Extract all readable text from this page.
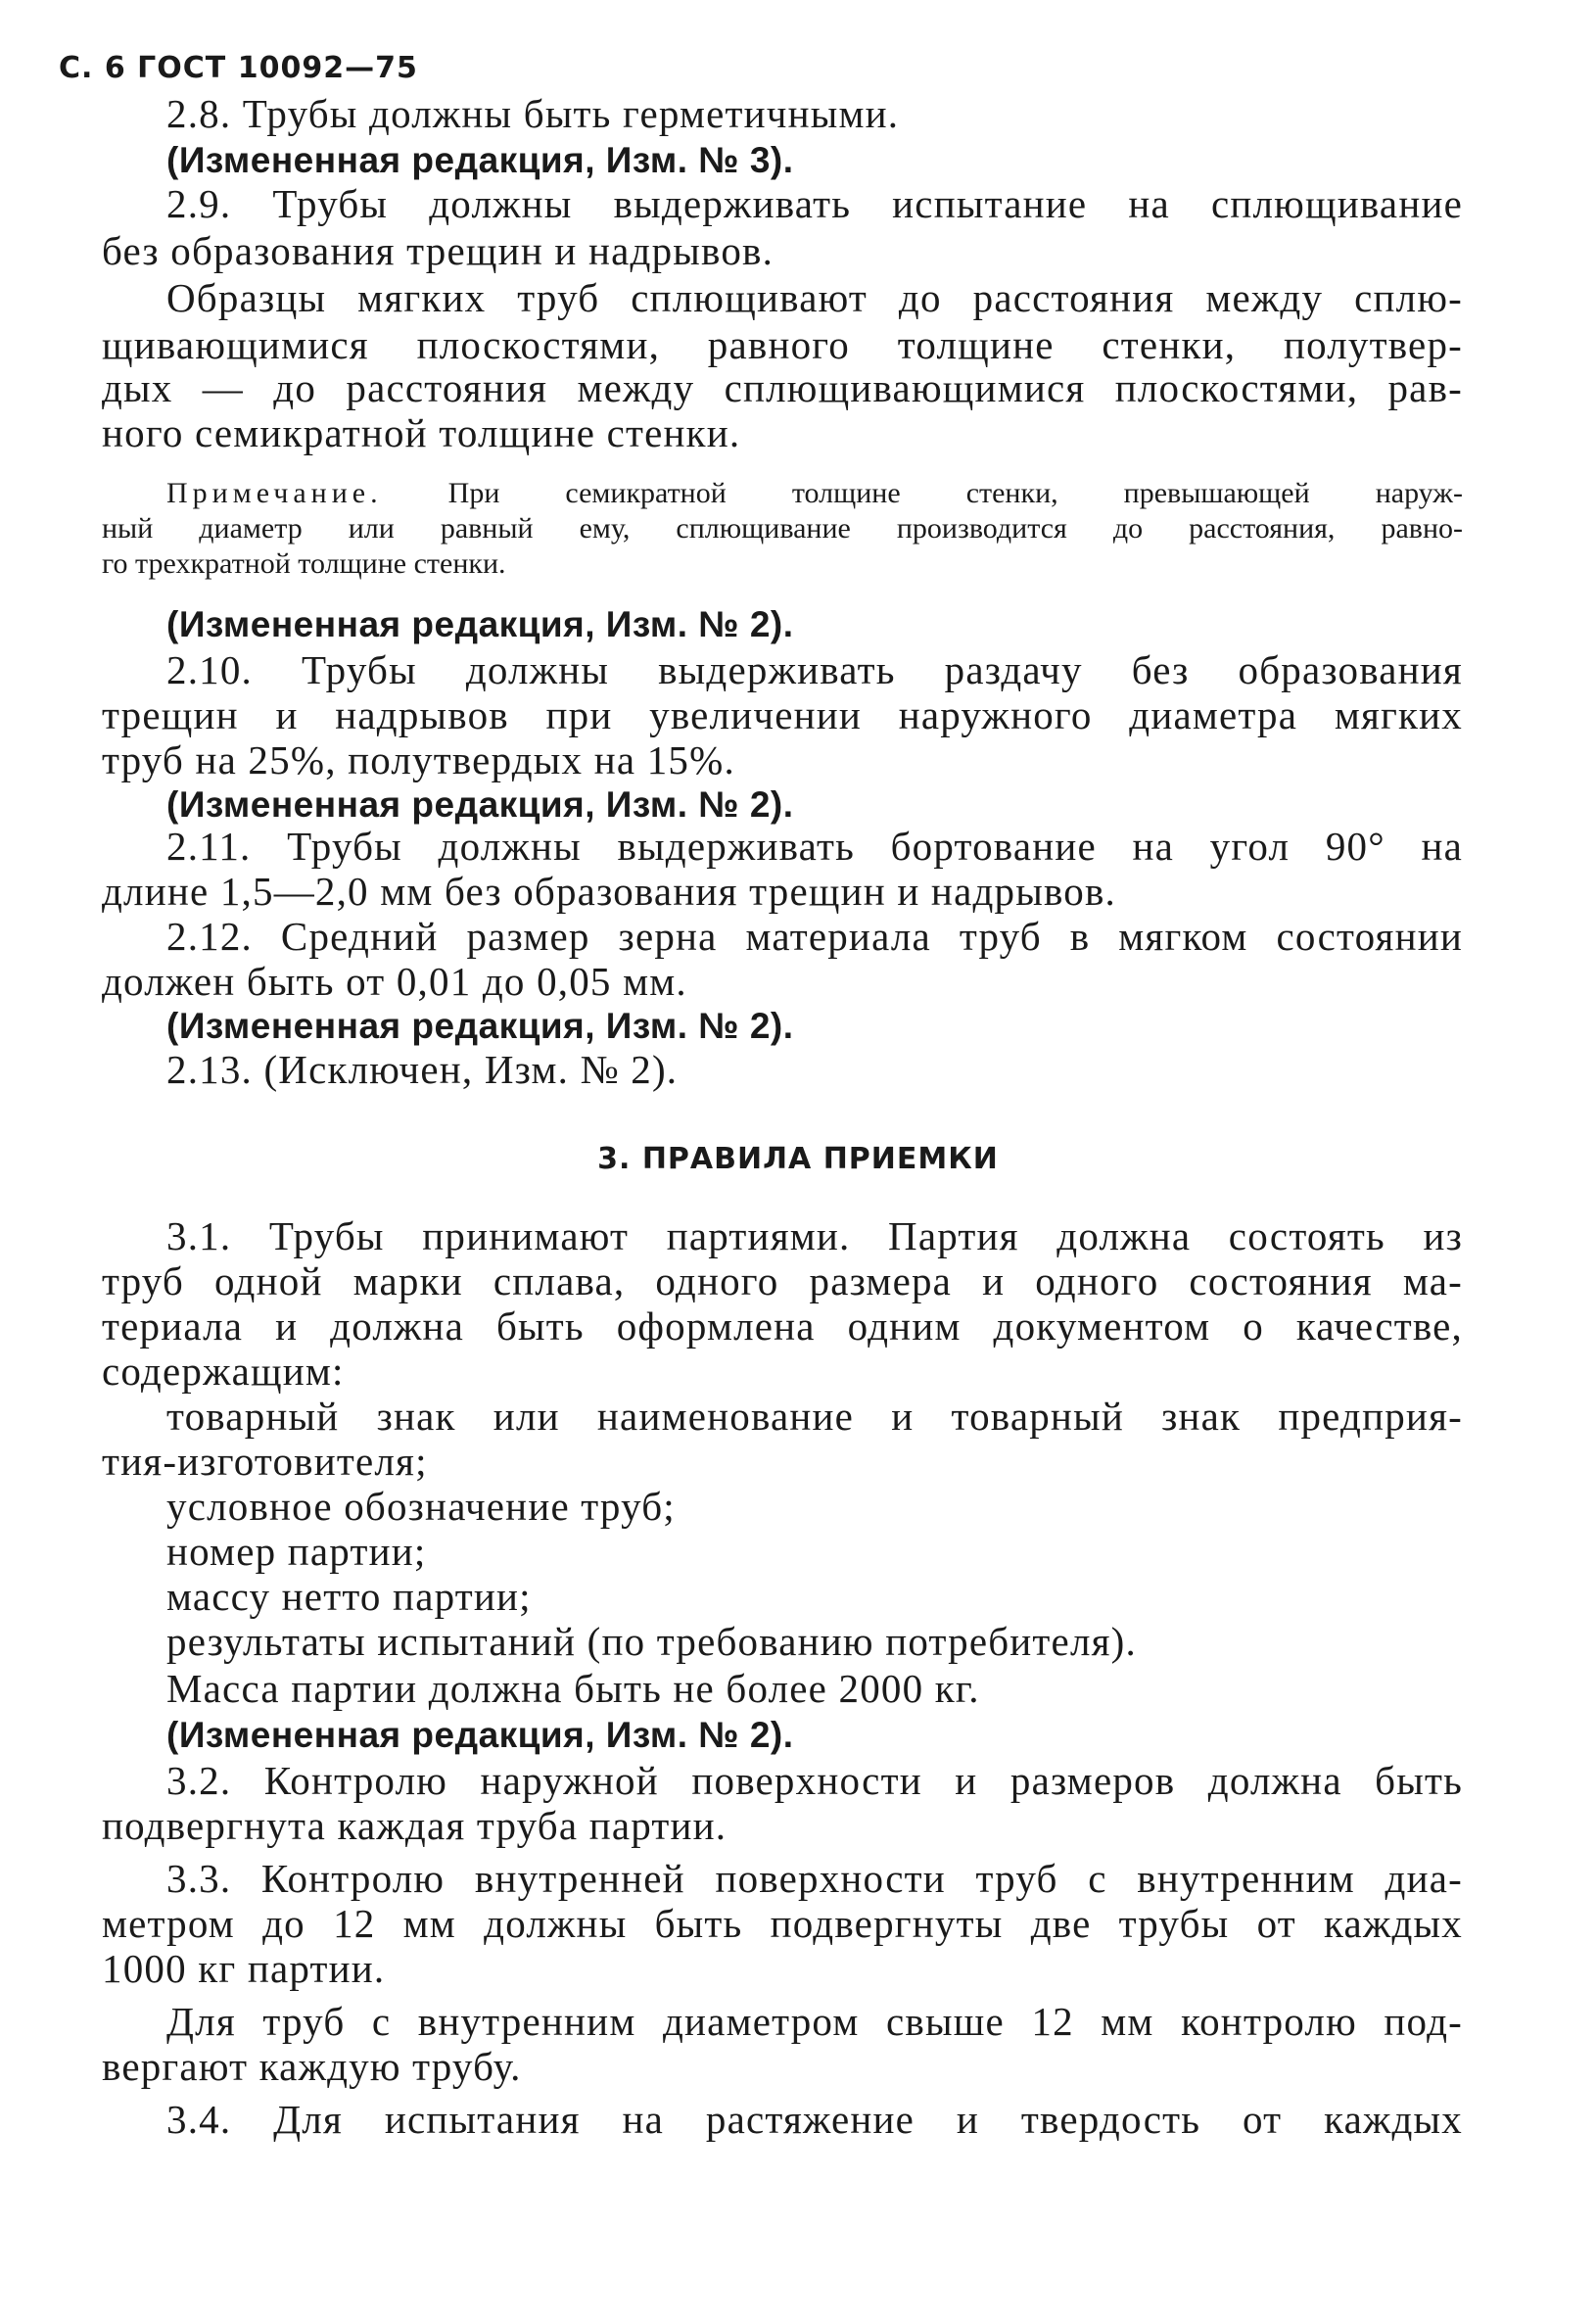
С. 6 ГОСТ 10092—75
2.8. Трубы должны быть герметичными.
(Измененная редакция, Изм. № 3).
2.9. Трубы должны выдерживать испытание на сплющивание
без образования трещин и надрывов.
Образцы мягких труб сплющивают до расстояния между сплю-
щивающимися плоскостями, равного толщине стенки, полутвер-
дых — до расстояния между сплющивающимися плоскостями, рав-
ного семикратной толщине стенки.
Примечание. При семикратной толщине стенки, превышающей наруж-
ный диаметр или равный ему, сплющивание производится до расстояния, равно-
го трехкратной толщине стенки.
(Измененная редакция, Изм. № 2).
2.10. Трубы должны выдерживать раздачу без образования
трещин и надрывов при увеличении наружного диаметра мягких
труб на 25%, полутвердых на 15%.
(Измененная редакция, Изм. № 2).
2.11. Трубы должны выдерживать бортование на угол 90° на
длине 1,5—2,0 мм без образования трещин и надрывов.
2.12. Средний размер зерна материала труб в мягком состоянии
должен быть от 0,01 до 0,05 мм.
(Измененная редакция, Изм. № 2).
2.13. (Исключен, Изм. № 2).
3. ПРАВИЛА ПРИЕМКИ
3.1. Трубы принимают партиями. Партия должна состоять из
труб одной марки сплава, одного размера и одного состояния ма-
териала и должна быть оформлена одним документом о качестве,
содержащим:
товарный знак или наименование и товарный знак предприя-
тия-изготовителя;
условное обозначение труб;
номер партии;
массу нетто партии;
результаты испытаний (по требованию потребителя).
Масса партии должна быть не более 2000 кг.
(Измененная редакция, Изм. № 2).
3.2. Контролю наружной поверхности и размеров должна быть
подвергнута каждая труба партии.
3.3. Контролю внутренней поверхности труб с внутренним диа-
метром до 12 мм должны быть подвергнуты две трубы от каждых
1000 кг партии.
Для труб с внутренним диаметром свыше 12 мм контролю под-
вергают каждую трубу.
3.4. Для испытания на растяжение и твердость от каждых
